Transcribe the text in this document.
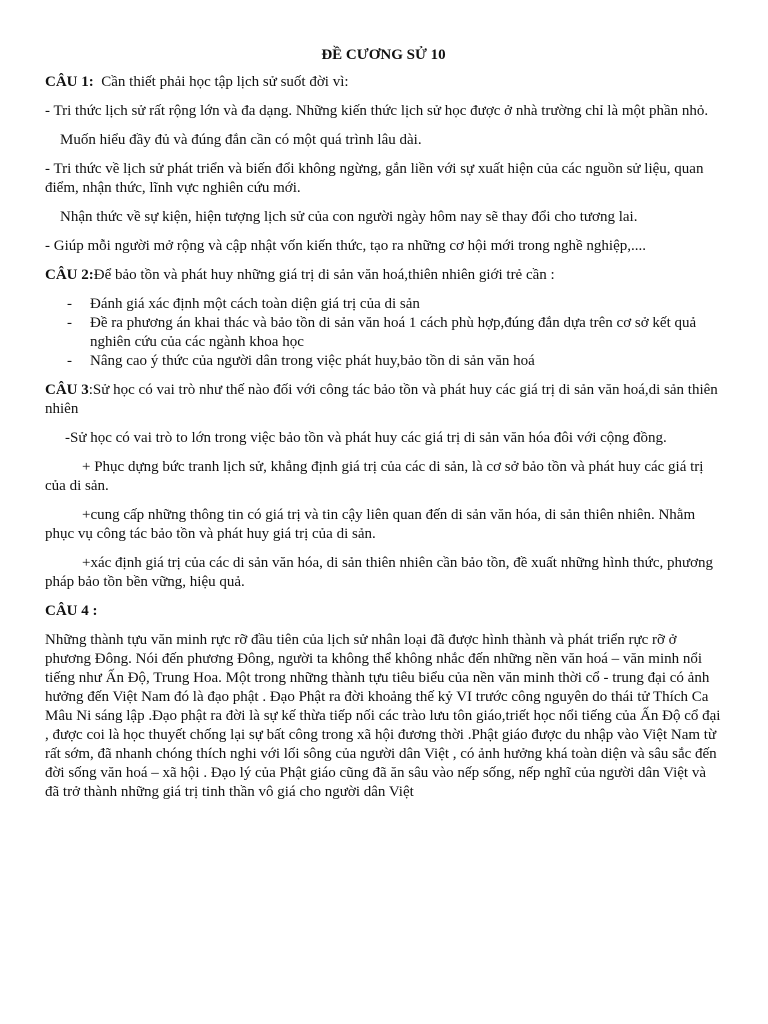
ĐỀ CƯƠNG SỬ 10

CÂU 1: Cần thiết phải học tập lịch sử suốt đời vì:

- Tri thức lịch sử rất rộng lớn và đa dạng. Những kiến thức lịch sử học được ở nhà trường chỉ là một phần nhỏ.

Muốn hiểu đầy đủ và đúng đắn cần có một quá trình lâu dài.

- Tri thức về lịch sử phát triển và biến đổi không ngừng, gắn liền với sự xuất hiện của các nguồn sử liệu, quan điểm, nhận thức, lĩnh vực nghiên cứu mới.

Nhận thức về sự kiện, hiện tượng lịch sử của con người ngày hôm nay sẽ thay đổi cho tương lai.

- Giúp mỗi người mở rộng và cập nhật vốn kiến thức, tạo ra những cơ hội mới trong nghề nghiệp,....

CÂU 2:Để bảo tồn và phát huy những giá trị di sản văn hoá,thiên nhiên giới trẻ cần :

- Đánh giá xác định một cách toàn diện giá trị của di sản
- Đề ra phương án khai thác và bảo tồn di sản văn hoá 1 cách phù hợp,đúng đắn dựa trên cơ sở kết quả nghiên cứu của các ngành khoa học
- Nâng cao ý thức của người dân trong việc phát huy,bảo tồn di sản văn hoá

CÂU 3:Sử học có vai trò như thế nào đối với công tác bảo tồn và phát huy các giá trị di sản văn hoá,di sản thiên nhiên

-Sử học có vai trò to lớn trong việc bảo tồn và phát huy các giá trị di sản văn hóa đôi với cộng đồng.

+ Phục dựng bức tranh lịch sử, khẳng định giá trị của các di sản, là cơ sở bảo tồn và phát huy các giá trị của di sản.

+cung cấp những thông tin có giá trị và tin cậy liên quan đến di sản văn hóa, di sản thiên nhiên. Nhằm phục vụ công tác bảo tồn và phát huy giá trị của di sản.

+xác định giá trị của các di sản văn hóa, di sản thiên nhiên cần bảo tồn, đề xuất những hình thức, phương pháp bảo tồn bền vững, hiệu quả.

CÂU 4 :

Những thành tựu văn minh rực rỡ đầu tiên của lịch sử nhân loại đã được hình thành và phát triển rực rỡ ở phương Đông. Nói đến phương Đông, người ta không thể không nhắc đến những nền văn hoá – văn minh nổi tiếng như Ấn Độ, Trung Hoa. Một trong những thành tựu tiêu biểu của nền văn minh thời cổ - trung đại có ảnh hưởng đến Việt Nam đó là đạo phật . Đạo Phật ra đời khoảng thế kỷ VI trước công nguyên do thái tử Thích Ca Mâu Ni sáng lập .Đạo phật ra đời là sự kế thừa tiếp nối các trào lưu tôn giáo,triết học nổi tiếng của Ấn Độ cổ đại , được coi là học thuyết chống lại sự bất công trong xã hội đương thời .Phật giáo được du nhập vào Việt Nam từ rất sớm, đã nhanh chóng thích nghi với lối sông của người dân Việt , có ảnh hưởng khá toàn diện và sâu sắc đến đời sống văn hoá – xã hội . Đạo lý của Phật giáo cũng đã ăn sâu vào nếp sống, nếp nghĩ của người dân Việt và đã trở thành những giá trị tinh thần vô giá cho người dân Việt
